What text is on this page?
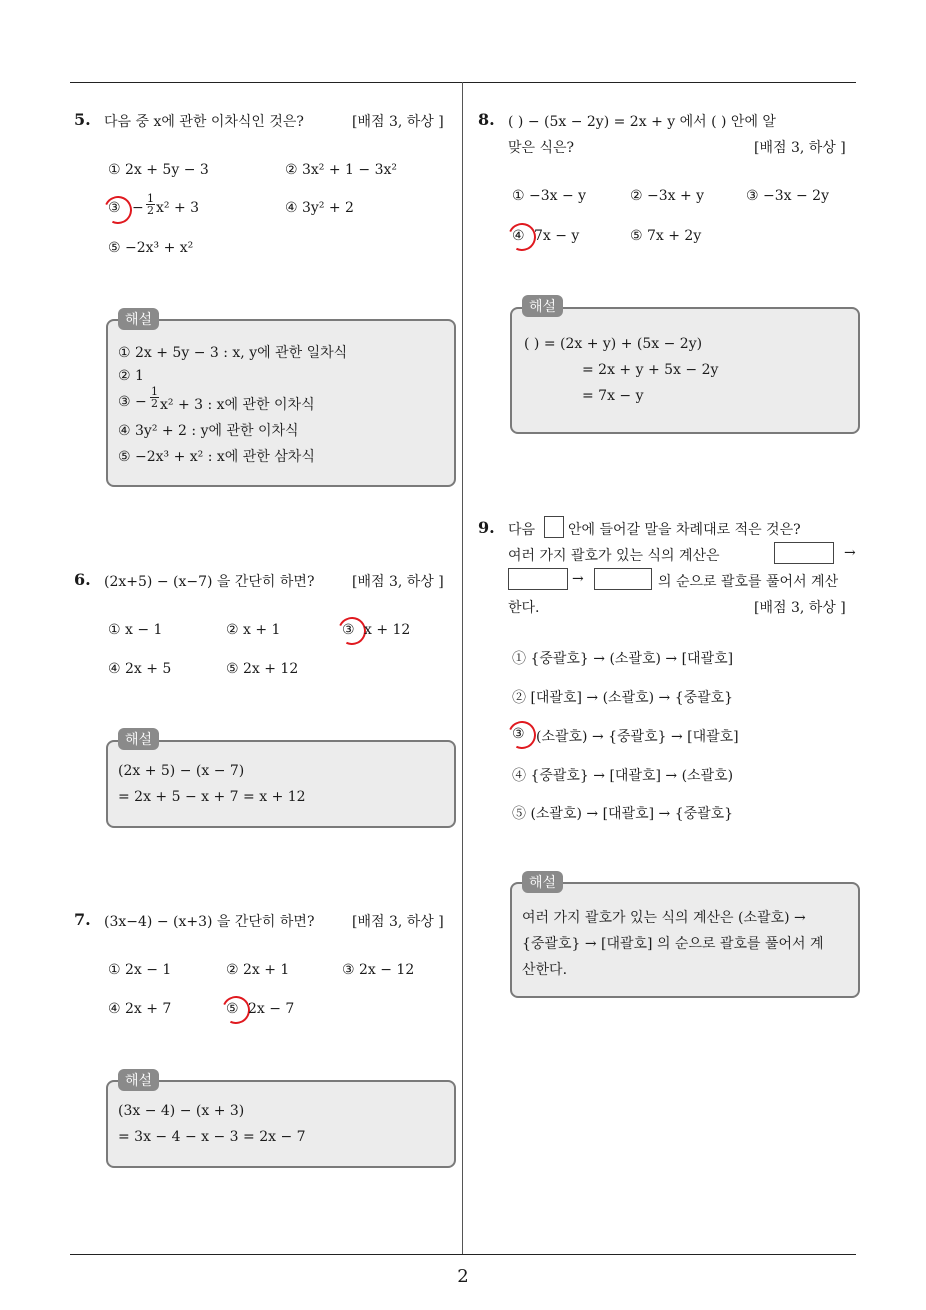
2
5. 다음 중 x에 관한 이차식인 것은?	[배점 3, 하상 ]
① 2x + 5y − 3	② 3x² + 1 − 3x²
③ − $\frac{1}{2} x^2 + 3$	④ 3y² + 2
⑤ −2x³ + x²
해설
① 2x + 5y − 3 : x, y에 관한 일차식
② 1
③ − $\frac{1}{2} x^2 + 3$ : x에 관한 이차식
④ 3y² + 2 : y에 관한 이차식
⑤ −2x³ + x² : x에 관한 삼차식
6. (2x+5) − (x−7) 을 간단히 하면?	[배점 3, 하상 ]
① x − 1	② x + 1	③ x + 12
④ 2x + 5	⑤ 2x + 12
해설
(2x + 5) − (x − 7)
= 2x + 5 − x + 7 = x + 12
7. (3x−4) − (x+3) 을 간단히 하면?	[배점 3, 하상 ]
① 2x − 1	② 2x + 1	③ 2x − 12
④ 2x + 7	⑤ 2x − 7
해설
(3x − 4) − (x + 3)
= 3x − 4 − x − 3 = 2x − 7
8. ( ) − (5x − 2y) = 2x + y 에서 ( ) 안에 알
맞은 식은?	[배점 3, 하상 ]
① −3x − y	② −3x + y	③ −3x − 2y
④ 7x − y	⑤ 7x + 2y
해설
( ) = (2x + y) + (5x − 2y)
= 2x + y + 5x − 2y
= 7x − y
9. 다음 안에 들어갈 말을 차례대로 적은 것은?
여러 가지 괄호가 있는 식의 계산은	→
→	의 순으로 괄호를 풀어서 계산
한다.	[배점 3, 하상 ]
① {중괄호} → (소괄호) → [대괄호]
② [대괄호] → (소괄호) → {중괄호}
③ (소괄호) → {중괄호} → [대괄호]
④ {중괄호} → [대괄호] → (소괄호)
⑤ (소괄호) → [대괄호] → {중괄호}
해설
여러 가지 괄호가 있는 식의 계산은 (소괄호) →
{중괄호} → [대괄호] 의 순으로 괄호를 풀어서 계
산한다.
